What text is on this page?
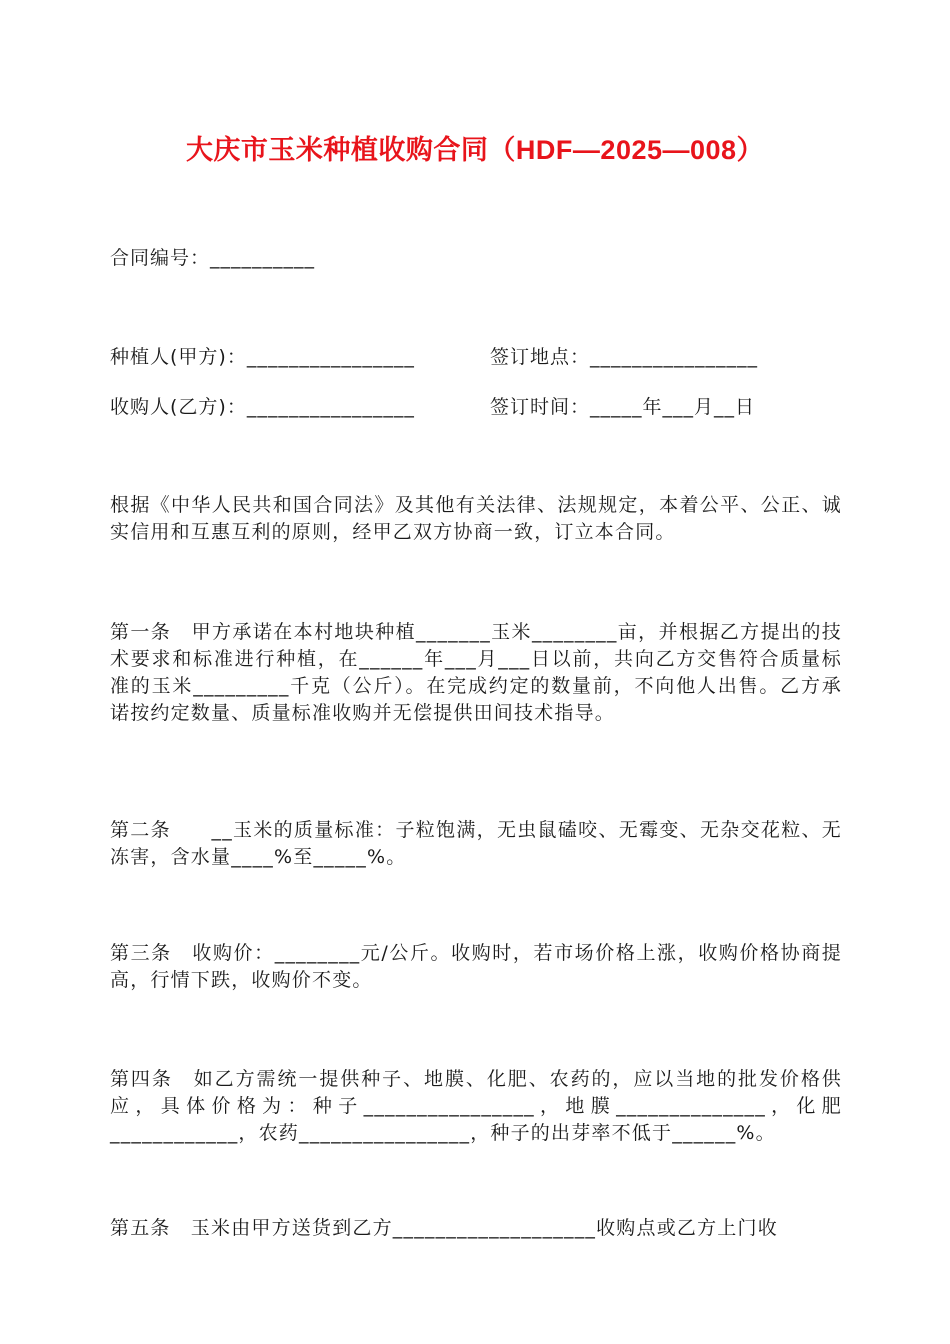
大庆市玉米种植收购合同（HDF—2025—008）
合同编号：__________
种植人(甲方)：________________	签订地点：________________
收购人(乙方)：________________	签订时间：_____年___月__日
根据《中华人民共和国合同法》及其他有关法律、法规规定，本着公平、公正、诚实信用和互惠互利的原则，经甲乙双方协商一致，订立本合同。
第一条　甲方承诺在本村地块种植_______玉米________亩，并根据乙方提出的技术要求和标准进行种植，在______年___月___日以前，共向乙方交售符合质量标准的玉米_________千克（公斤）。在完成约定的数量前，不向他人出售。乙方承诺按约定数量、质量标准收购并无偿提供田间技术指导。
第二条　　__玉米的质量标准：子粒饱满，无虫鼠磕咬、无霉变、无杂交花粒、无冻害，含水量____%至_____%。
第三条　收购价：________元/公斤。收购时，若市场价格上涨，收购价格协商提高，行情下跌，收购价不变。
第四条　如乙方需统一提供种子、地膜、化肥、农药的，应以当地的批发价格供应，具体价格为：种子________________，地膜______________，化肥____________，农药________________，种子的出芽率不低于______%。
第五条　玉米由甲方送货到乙方___________________收购点或乙方上门收
